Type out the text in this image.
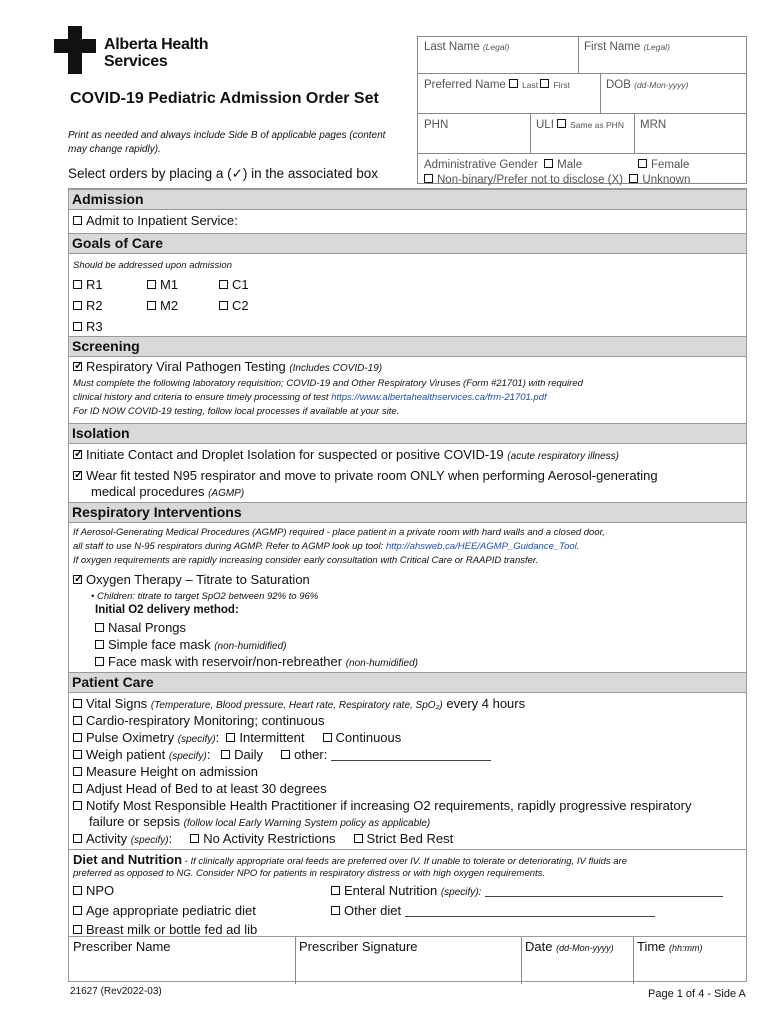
Alberta Health
Services
COVID-19 Pediatric Admission Order Set
Print as needed and always include Side B of applicable pages (content may change rapidly).
Select orders by placing a (✓) in the associated box
Last Name (Legal)	First Name (Legal)
Preferred Name Last First	DOB (dd-Mon-yyyy)
PHN	ULI Same as PHN	MRN
Administrative Gender Male	Female
Non-binary/Prefer not to disclose (X) Unknown
Admission
Admit to Inpatient Service:
Goals of Care
Should be addressed upon admission
R1	M1	C1
R2	M2	C2
R3
Screening
✓Respiratory Viral Pathogen Testing (Includes COVID-19)
Must complete the following laboratory requisition; COVID-19 and Other Respiratory Viruses (Form #21701) with required
clinical history and criteria to ensure timely processing of test https://www.albertahealthservices.ca/frm-21701.pdf
For ID NOW COVID-19 testing, follow local processes if available at your site.
Isolation
✓Initiate Contact and Droplet Isolation for suspected or positive COVID-19 (acute respiratory illness)
✓Wear fit tested N95 respirator and move to private room ONLY when performing Aerosol-generating
medical procedures (AGMP)
Respiratory Interventions
If Aerosol-Generating Medical Procedures (AGMP) required - place patient in a private room with hard walls and a closed door,
all staff to use N-95 respirators during AGMP. Refer to AGMP look up tool: http://ahsweb.ca/HEE/AGMP_Guidance_Tool.
If oxygen requirements are rapidly increasing consider early consultation with Critical Care or RAAPID transfer.
✓Oxygen Therapy – Titrate to Saturation
• Children: titrate to target SpO2 between 92% to 96%
Initial O2 delivery method:
Nasal Prongs
Simple face mask (non-humidified)
Face mask with reservoir/non-rebreather (non-humidified)
Patient Care
Vital Signs (Temperature, Blood pressure, Heart rate, Respiratory rate, SpO₂) every 4 hours
Cardio-respiratory Monitoring; continuous
Pulse Oximetry (specify):  Intermittent Continuous
Weigh patient (specify):   Daily other:
Measure Height on admission
Adjust Head of Bed to at least 30 degrees
Notify Most Responsible Health Practitioner if increasing O2 requirements, rapidly progressive respiratory
failure or sepsis (follow local Early Warning System policy as applicable)
Activity (specify):     No Activity Restrictions Strict Bed Rest
Diet and Nutrition - If clinically appropriate oral feeds are preferred over IV. If unable to tolerate or deteriorating, IV fluids are
preferred as opposed to NG. Consider NPO for patients in respiratory distress or with high oxygen requirements.
NPO	Enteral Nutrition (specify):
Age appropriate pediatric diet	Other diet
Breast milk or bottle fed ad lib
Prescriber Name	Prescriber Signature	Date (dd-Mon-yyyy)	Time (hh:mm)
21627 (Rev2022-03)	Page 1 of 4 - Side A
